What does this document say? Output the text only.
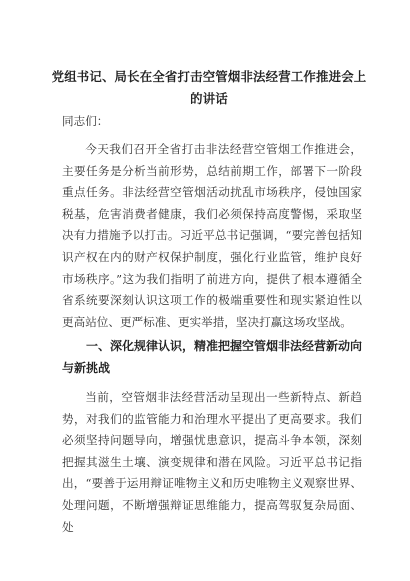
党组书记、局长在全省打击空管烟非法经营工作推进会上的讲话
同志们：
今天我们召开全省打击非法经营空管烟工作推进会，主要任务是分析当前形势，总结前期工作，部署下一阶段重点任务。非法经营空管烟活动扰乱市场秩序，侵蚀国家税基，危害消费者健康，我们必须保持高度警惕，采取坚决有力措施予以打击。习近平总书记强调，“要完善包括知识产权在内的财产权保护制度，强化行业监管，维护良好市场秩序。”这为我们指明了前进方向，提供了根本遵循全省系统要深刻认识这项工作的极端重要性和现实紧迫性以更高站位、更严标准、更实举措，坚决打赢这场攻坚战。
一、深化规律认识，精准把握空管烟非法经营新动向与新挑战
当前，空管烟非法经营活动呈现出一些新特点、新趋势，对我们的监管能力和治理水平提出了更高要求。我们必须坚持问题导向，增强忧患意识，提高斗争本领，深刻把握其滋生土壤、演变规律和潜在风险。习近平总书记指出，“要善于运用辩证唯物主义和历史唯物主义观察世界、处理问题，不断增强辩证思维能力，提高驾驭复杂局面、处
